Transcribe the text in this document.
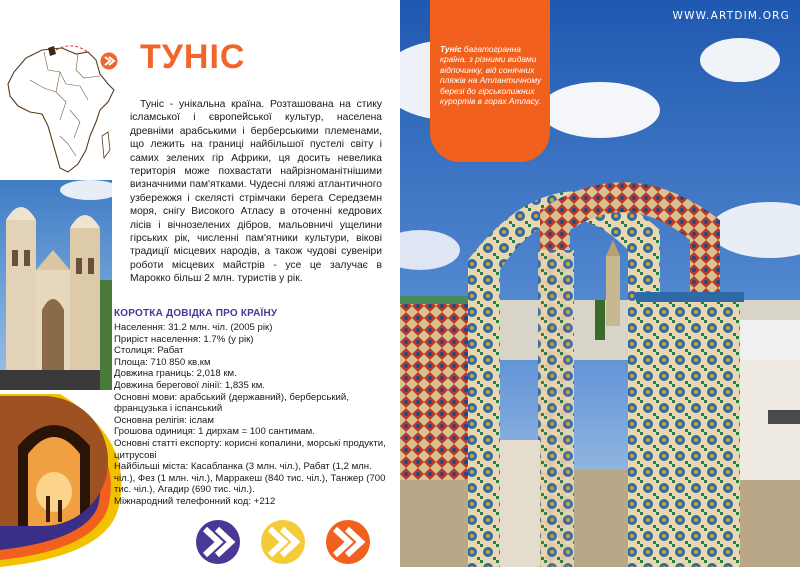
ТУНІС

Туніс - унікальна країна. Розташована на стику ісламської і європейської культур, населена древніми арабськими і берберськими племенами, що лежить на границі найбільшої пустелі світу і самих зелених гір Африки, ця досить невелика територія може похвастати найрізноманітнішими визначними пам'ятками. Чудесні пляжі атлантичного узбережжя і скелясті стрімчаки берега Середземн моря, снігу Високого Атласу в оточенні кедрових лісів і вічнозелених дібров, мальовничі ущелини гірських рік, численні пам'ятники культури, вікові традиції місцевих народів, а також чудові сувеніри роботи місцевих майстрів - усе це залучає в Марокко більш 2 млн. туристів у рік.

КОРОТКА ДОВІДКА ПРО КРАЇНУ
Населення: 31.2 млн. чіл. (2005 рік)
Приріст населення: 1.7% (у рік)
Столиця: Рабат
Площа: 710 850 кв.км
Довжина границь: 2,018 км.
Довжина берегової лінії: 1,835 км.
Основні мови: арабський (державний), берберський, французька і іспанський
Основна релігія: іслам
Грошова одиниця: 1 дирхам = 100 сантимам.
Основні статті експорту: корисні копалини, морські продукти, цитрусові
Найбільші міста: Касабланка (3 млн. чіл.), Рабат (1,2 млн. чіл.), Фез (1 млн. чіл.), Марракеш (840 тис. чіл.), Танжер (700 тис. чіл.), Агадир (690 тис. чіл.).
Міжнародний телефонний код: +212

Туніс багатогранна країна, з різними видами відпочинку, від сонячних пляжів на Атлантичному березі до гірськолижних курортів в горах Атласу.

WWW.ARTDIM.ORG
